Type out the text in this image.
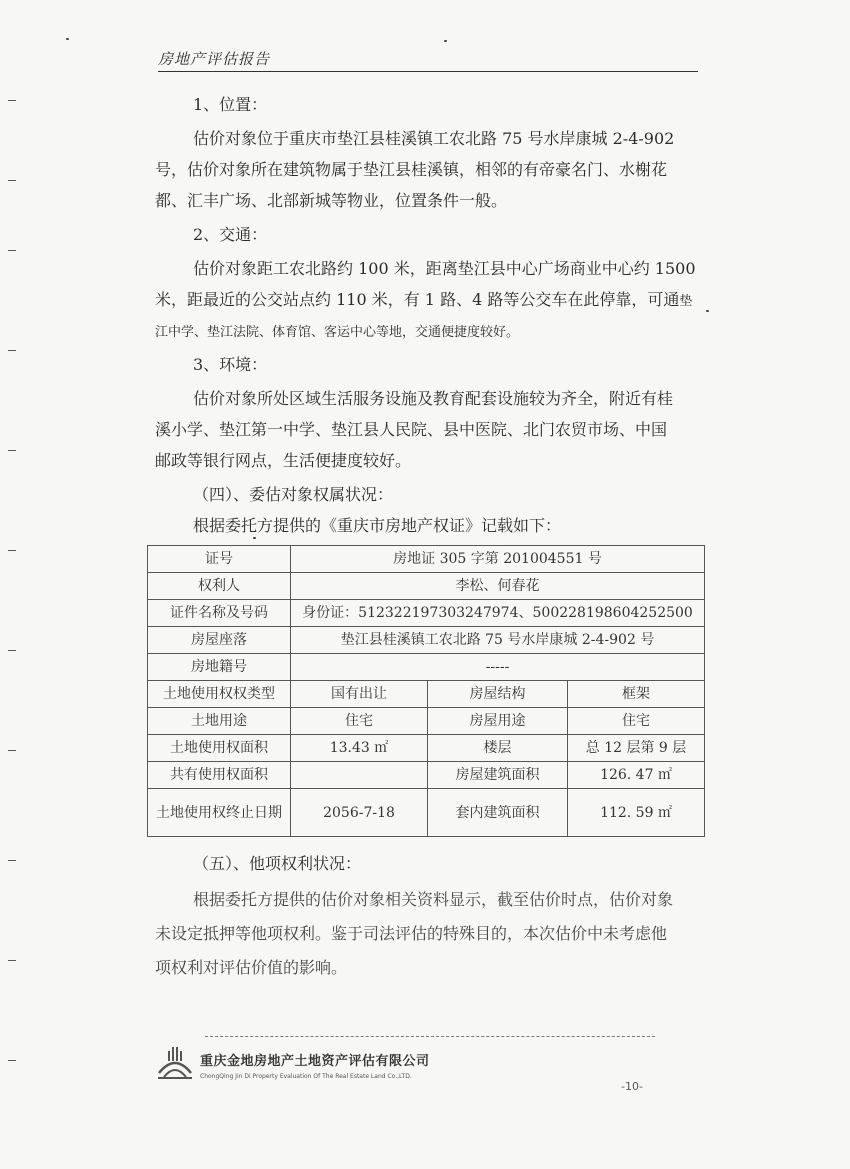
房地产评估报告
1、位置：
估价对象位于重庆市垫江县桂溪镇工农北路 75 号水岸康城 2-4-902
号，估价对象所在建筑物属于垫江县桂溪镇，相邻的有帝豪名门、水榭花
都、汇丰广场、北部新城等物业，位置条件一般。
2、交通：
估价对象距工农北路约 100 米，距离垫江县中心广场商业中心约 1500
米，距最近的公交站点约 110 米，有 1 路、4 路等公交车在此停靠，可通垫
江中学、垫江法院、体育馆、客运中心等地，交通便捷度较好。
3、环境：
估价对象所处区域生活服务设施及教育配套设施较为齐全，附近有桂
溪小学、垫江第一中学、垫江县人民院、县中医院、北门农贸市场、中国
邮政等银行网点，生活便捷度较好。
（四）、委估对象权属状况：
根据委托方提供的《重庆市房地产权证》记载如下：
证号	房地证 305 字第 201004551 号		
权利人	李松、何春花		
证件名称及号码	身份证：512322197303247974、500228198604252500		
房屋座落	垫江县桂溪镇工农北路 75 号水岸康城 2-4-902 号		
房地籍号	-----		
土地使用权权类型	国有出让	房屋结构	框架
土地用途	住宅	房屋用途	住宅
土地使用权面积	13.43 ㎡	楼层	总 12 层第 9 层
共有使用权面积		房屋建筑面积	126. 47 ㎡
土地使用权终止日期	2056-7-18	套内建筑面积	112. 59 ㎡
（五）、他项权利状况：
根据委托方提供的估价对象相关资料显示，截至估价时点，估价对象
未设定抵押等他项权利。鉴于司法评估的特殊目的，本次估价中未考虑他
项权利对评估价值的影响。
重庆金地房地产土地资产评估有限公司
ChongQing Jin Di Property Evaluation Of The Real Estate Land Co.,LTD.
-10-
